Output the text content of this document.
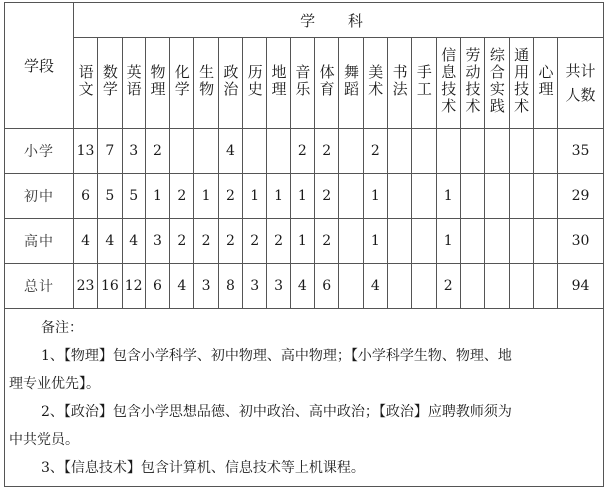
学段	学 科																				
	语文	数学	英语	物理	化学	生物	政治	历史	地理	音乐	体育	舞蹈	美术	书法	手工	信息技术	劳动技术	综合实践	通用技术	心理	共计人数
小学	13	7	3	2			4			2	2		2								35
初中	6	5	5	1	2	1	2	1	1	1	2		1			1					29
高中	4	4	4	3	2	2	2	2	2	1	2		1			1					30
总计	23	16	12	6	4	3	8	3	3	4	6		4			2					94

备注：

1、【物理】包含小学科学、初中物理、高中物理；【小学科学生物、物理、地

理专业优先】。

2、【政治】包含小学思想品德、初中政治、高中政治；【政治】应聘教师须为

中共党员。

3、【信息技术】包含计算机、信息技术等上机课程。
